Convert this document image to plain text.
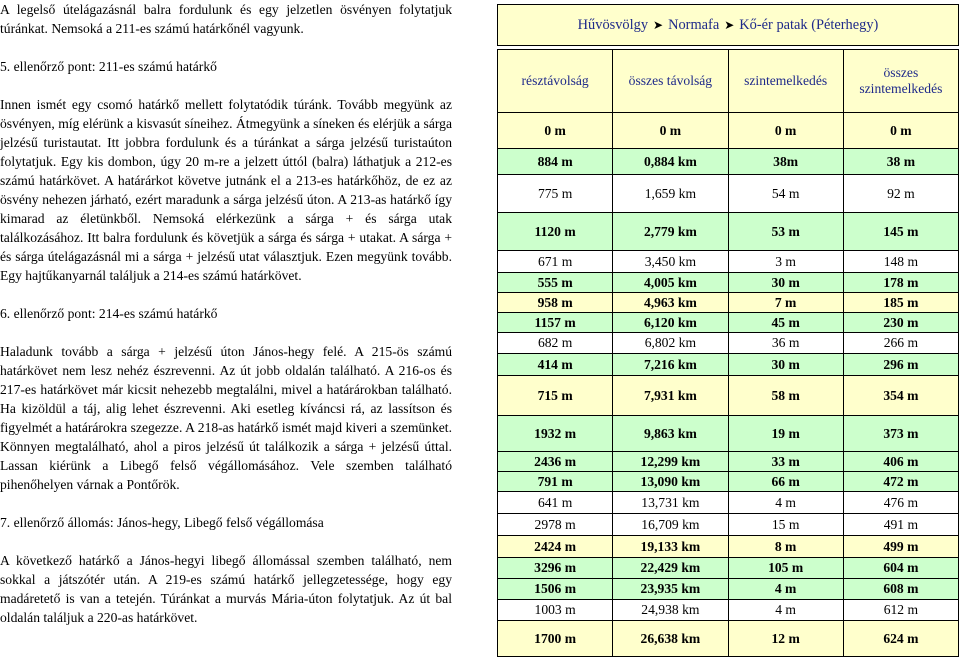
A legelső útelágazásnál balra fordulunk és egy jelzetlen ösvényen folytatjuk túránkat. Nemsoká a 211-es számú határkőnél vagyunk.

5. ellenőrző pont: 211-es számú határkő

Innen ismét egy csomó határkő mellett folytatódik túránk. Tovább megyünk az ösvényen, míg elérünk a kisvasút síneihez. Átmegyünk a síneken és elérjük a sárga jelzésű turistautat. Itt jobbra fordulunk és a túránkat a sárga jelzésű turistaúton folytatjuk. Egy kis dombon, úgy 20 m-re a jelzett úttól (balra) láthatjuk a 212-es számú határkövet. A határárkot követve jutnánk el a 213-es határkőhöz, de ez az ösvény nehezen járható, ezért maradunk a sárga jelzésű úton. A 213-as határkő így kimarad az életünkből. Nemsoká elérkezünk a sárga + és sárga utak találkozásához. Itt balra fordulunk és követjük a sárga és sárga + utakat. A sárga + és sárga útelágazásnál mi a sárga + jelzésű utat választjuk. Ezen megyünk tovább. Egy hajtűkanyarnál találjuk a 214-es számú határkövet.

6. ellenőrző pont: 214-es számú határkő

Haladunk tovább a sárga + jelzésű úton János-hegy felé. A 215-ös számú határkövet nem lesz nehéz észrevenni. Az út jobb oldalán található. A 216-os és 217-es határkövet már kicsit nehezebb megtalálni, mivel a határárokban található. Ha kizöldül a táj, alig lehet észrevenni. Aki esetleg kíváncsi rá, az lassítson és figyelmét a határárokra szegezze. A 218-as határkő ismét majd kiveri a szemünket. Könnyen megtalálható, ahol a piros jelzésű út találkozik a sárga + jelzésű úttal. Lassan kiérünk a Libegő felső végállomásához. Vele szemben található pihenőhelyen várnak a Pontőrök.

7. ellenőrző állomás: János-hegy, Libegő felső végállomása

A következő határkő a János-hegyi libegő állomással szemben található, nem sokkal a játszótér után. A 219-es számú határkő jellegzetessége, hogy egy madáretető is van a tetején. Túránkat a murvás Mária-úton folytatjuk. Az út bal oldalán találjuk a 220-as határkövet.

Hűvösvölgy ➤ Normafa ➤ Kő-ér patak (Péterhegy)
résztávolság	összes távolság	szintemelkedés	összes szintemelkedés
0 m	0 m	0 m	0 m
884 m	0,884 km	38m	38 m
775 m	1,659 km	54 m	92 m
1120 m	2,779 km	53 m	145 m
671 m	3,450 km	3 m	148 m
555 m	4,005 km	30 m	178 m
958 m	4,963 km	7 m	185 m
1157 m	6,120 km	45 m	230 m
682 m	6,802 km	36 m	266 m
414 m	7,216 km	30 m	296 m
715 m	7,931 km	58 m	354 m
1932 m	9,863 km	19 m	373 m
2436 m	12,299 km	33 m	406 m
791 m	13,090 km	66 m	472 m
641 m	13,731 km	4 m	476 m
2978 m	16,709 km	15 m	491 m
2424 m	19,133 km	8 m	499 m
3296 m	22,429 km	105 m	604 m
1506 m	23,935 km	4 m	608 m
1003 m	24,938 km	4 m	612 m
1700 m	26,638 km	12 m	624 m
